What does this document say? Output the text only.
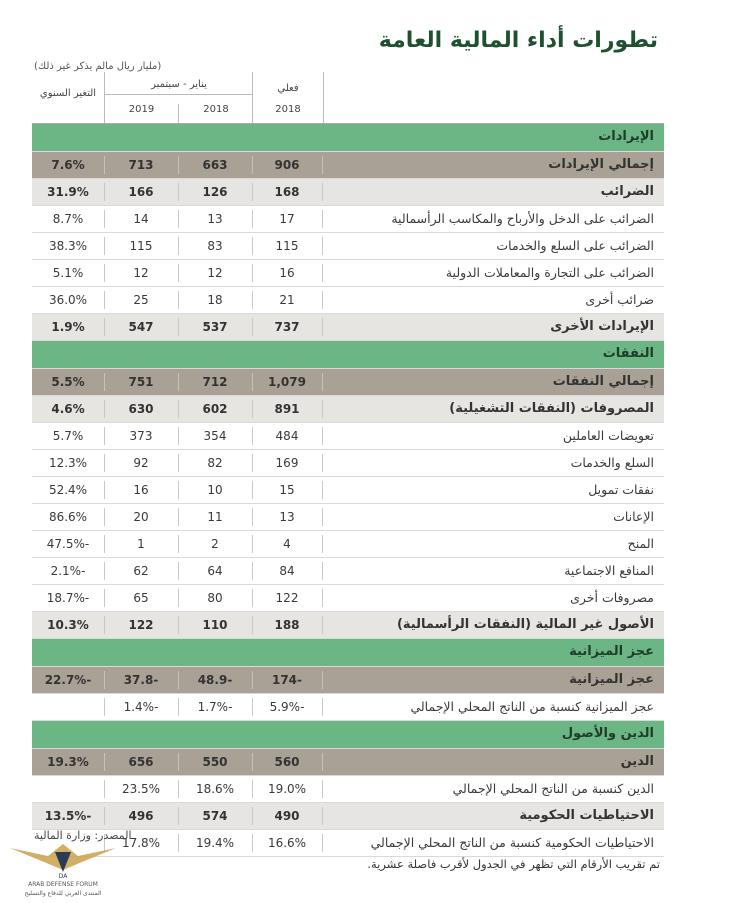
تطورات أداء المالية العامة
(مليار ريال مالم يذكر غير ذلك)
التغير السنوي
يناير - سبتمبر
2018
2019
فعلي
2018
الإيرادات
إجمالي الإيرادات
906
663
713
7.6%
الضرائب
168
126
166
31.9%
الضرائب على الدخل والأرباح والمكاسب الرأسمالية
17
13
14
8.7%
الضرائب على السلع والخدمات
115
83
115
38.3%
الضرائب على التجارة والمعاملات الدولية
16
12
12
5.1%
ضرائب أخرى
21
18
25
36.0%
الإيرادات الأخرى
737
537
547
1.9%
النفقات
إجمالي النفقات
1,079
712
751
5.5%
المصروفات (النفقات التشغيلية)
891
602
630
4.6%
تعويضات العاملين
484
354
373
5.7%
السلع والخدمات
169
82
92
12.3%
نفقات تمويل
15
10
16
52.4%
الإعانات
13
11
20
86.6%
المنح
4
2
1
-47.5%
المنافع الاجتماعية
84
64
62
-2.1%
مصروفات أخرى
122
80
65
-18.7%
الأصول غير المالية (النفقات الرأسمالية)
188
110
122
10.3%
عجز الميزانية
عجز الميزانية
-174
-48.9
-37.8
-22.7%
عجز الميزانية كنسبة من الناتج المحلي الإجمالي
-5.9%
-1.7%
-1.4%
الدين والأصول
الدين
560
550
656
19.3%
الدين كنسبة من الناتج المحلي الإجمالي
19.0%
18.6%
23.5%
الاحتياطيات الحكومية
490
574
496
-13.5%
الاحتياطيات الحكومية كنسبة من الناتج المحلي الإجمالي
16.6%
19.4%
17.8%
المصدر: وزارة المالية
تم تقريب الأرقام التي تظهر في الجدول لأقرب فاصلة عشرية.
DA
ARAB DEFENSE FORUM
المنتدى العربي للدفاع والتسليح
